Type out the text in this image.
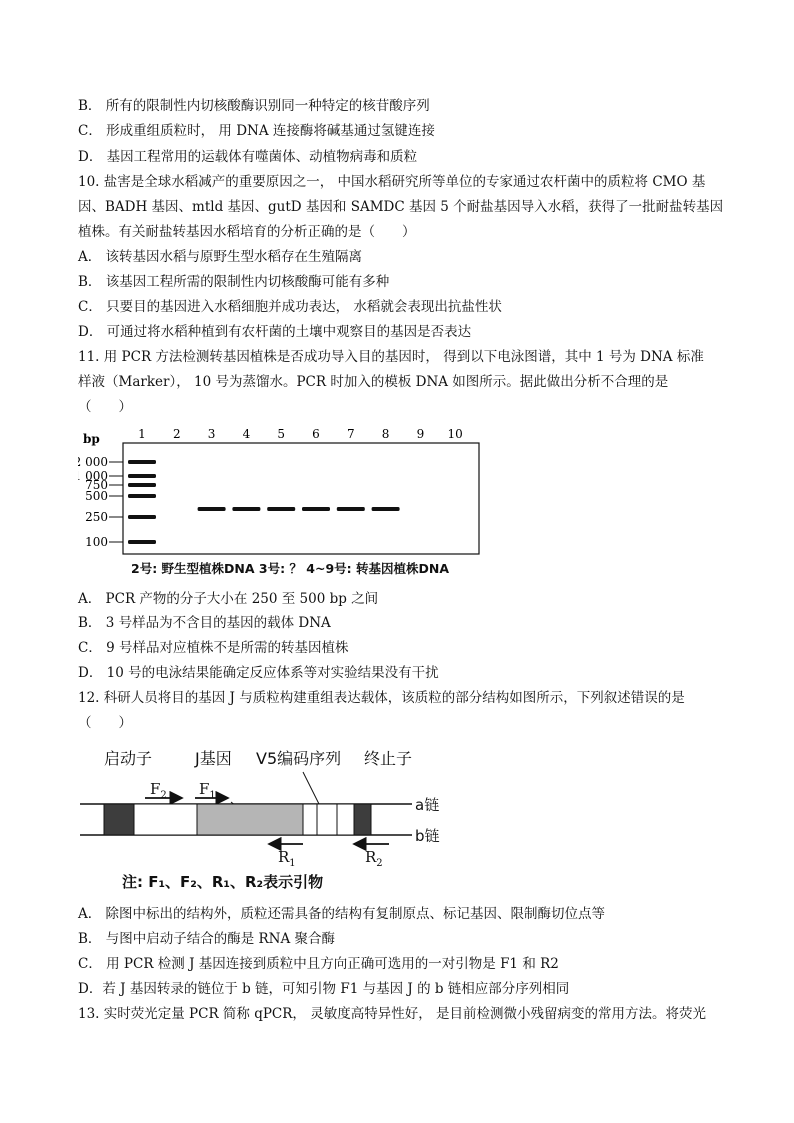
B． 所有的限制性内切核酸酶识别同一种特定的核苷酸序列
C． 形成重组质粒时， 用 DNA 连接酶将碱基通过氢键连接
D． 基因工程常用的运载体有噬菌体、动植物病毒和质粒
10. 盐害是全球水稻减产的重要原因之一， 中国水稻研究所等单位的专家通过农杆菌中的质粒将 CMO 基
因、BADH 基因、mtld 基因、gutD 基因和 SAMDC 基因 5 个耐盐基因导入水稻，获得了一批耐盐转基因
植株。有关耐盐转基因水稻培育的分析正确的是（　　）
A． 该转基因水稻与原野生型水稻存在生殖隔离
B． 该基因工程所需的限制性内切核酸酶可能有多种
C． 只要目的基因进入水稻细胞并成功表达， 水稻就会表现出抗盐性状
D． 可通过将水稻种植到有农杆菌的土壤中观察目的基因是否表达
11. 用 PCR 方法检测转基因植株是否成功导入目的基因时， 得到以下电泳图谱，其中 1 号为 DNA 标准
样液（Marker）， 10 号为蒸馏水。PCR 时加入的模板 DNA 如图所示。据此做出分析不合理的是
（　　）
bp	1 2 3 4 5 6 7 8 9 10
000
000
750
500
250
100
2号: 野生型植株DNA 3号: ？ 4~9号: 转基因植株DNA
A． PCR 产物的分子大小在 250 至 500 bp 之间
B． 3 号样品为不含目的基因的载体 DNA
C． 9 号样品对应植株不是所需的转基因植株
D． 10 号的电泳结果能确定反应体系等对实验结果没有干扰
12. 科研人员将目的基因 J 与质粒构建重组表达载体，该质粒的部分结构如图所示，下列叙述错误的是
（　　）
启动子	J基因 V5编码序列 终止子
$F_2$ $F_1$
a链
b链
$R_1$	$R_2$
注: F₁、F₂、R₁、R₂表示引物
A． 除图中标出的结构外，质粒还需具备的结构有复制原点、标记基因、限制酶切位点等
B． 与图中启动子结合的酶是 RNA 聚合酶
C． 用 PCR 检测 J 基因连接到质粒中且方向正确可选用的一对引物是 F1 和 R2
D．若 J 基因转录的链位于 b 链，可知引物 F1 与基因 J 的 b 链相应部分序列相同
13. 实时荧光定量 PCR 简称 qPCR， 灵敏度高特异性好， 是目前检测微小残留病变的常用方法。将荧光
